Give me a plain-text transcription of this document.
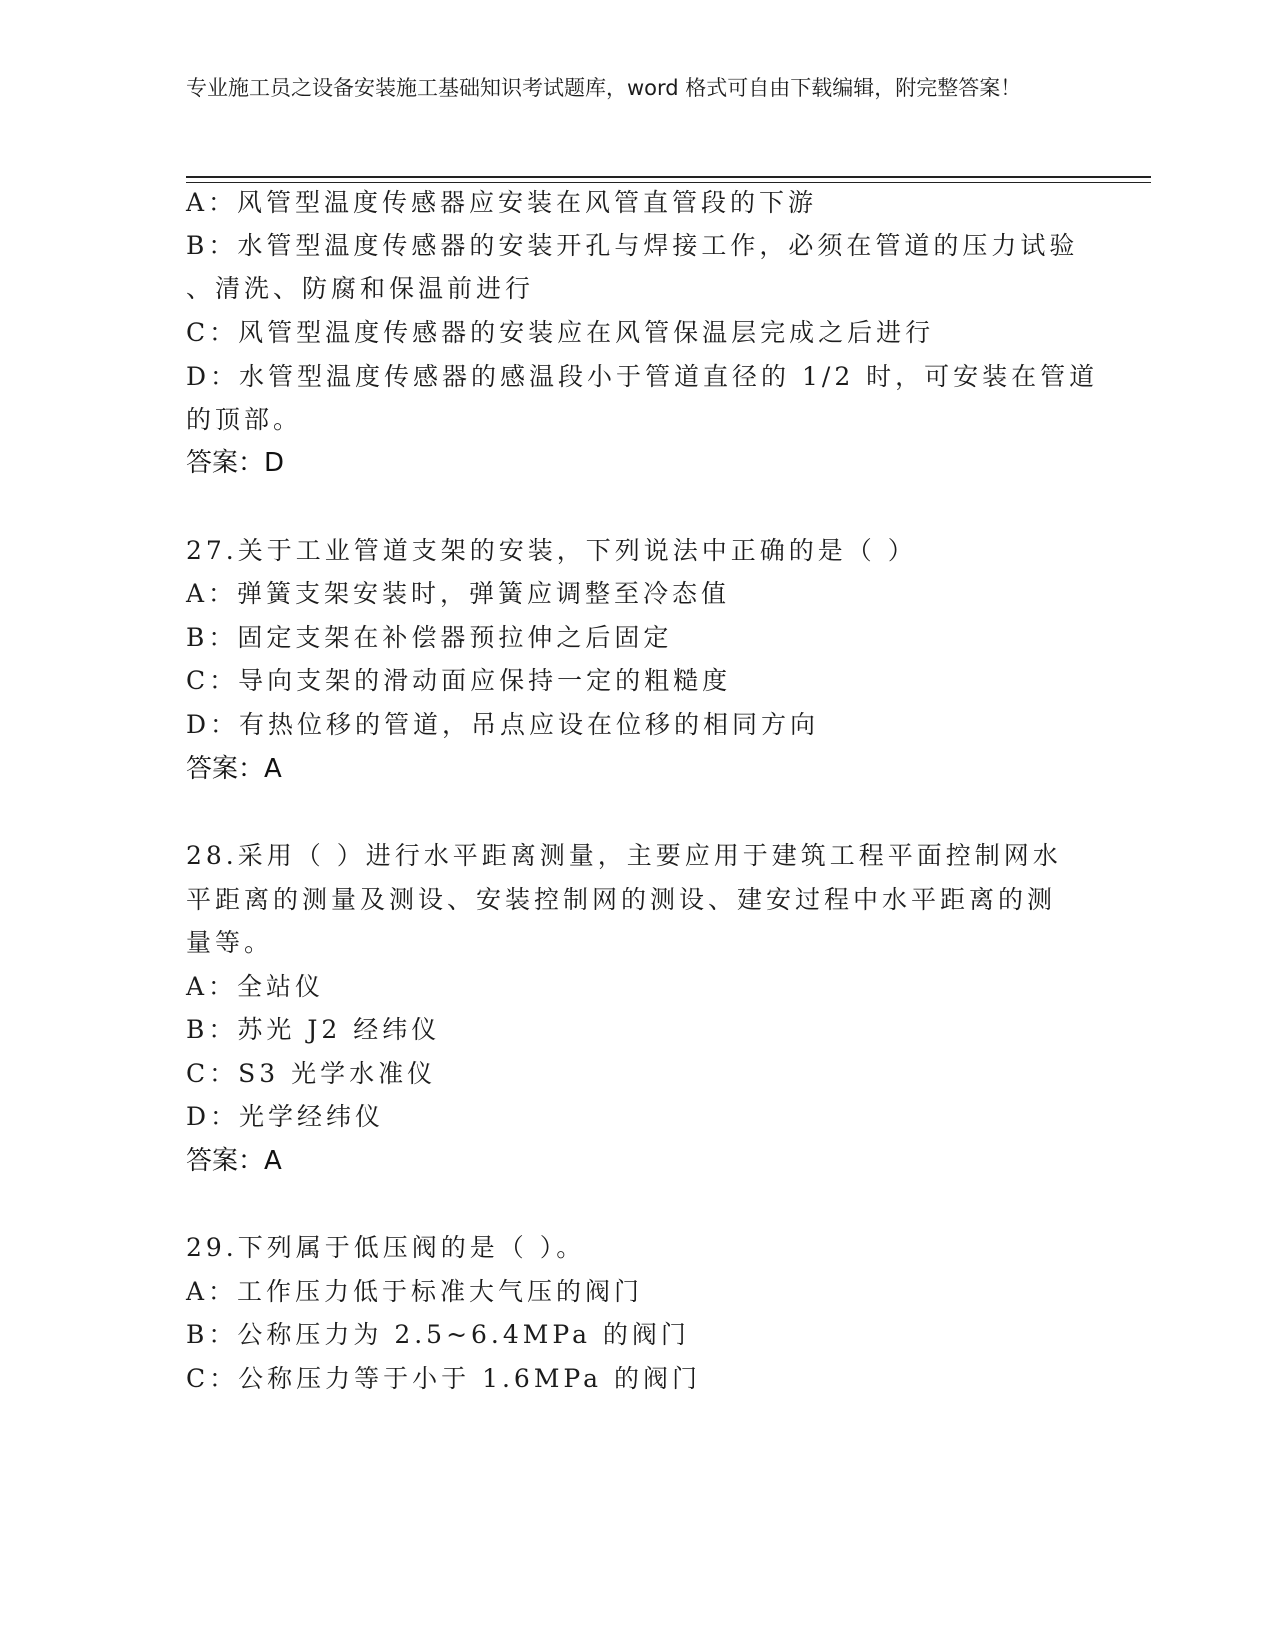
专业施工员之设备安装施工基础知识考试题库，word 格式可自由下载编辑，附完整答案！
A：风管型温度传感器应安装在风管直管段的下游
B：水管型温度传感器的安装开孔与焊接工作，必须在管道的压力试验
、清洗、防腐和保温前进行
C：风管型温度传感器的安装应在风管保温层完成之后进行
D：水管型温度传感器的感温段小于管道直径的 1/2 时，可安装在管道
的顶部。
答案：D
27.关于工业管道支架的安装，下列说法中正确的是（ ）
A：弹簧支架安装时，弹簧应调整至冷态值
B：固定支架在补偿器预拉伸之后固定
C：导向支架的滑动面应保持一定的粗糙度
D：有热位移的管道，吊点应设在位移的相同方向
答案：A
28.采用（ ）进行水平距离测量，主要应用于建筑工程平面控制网水
平距离的测量及测设、安装控制网的测设、建安过程中水平距离的测
量等。
A：全站仪
B：苏光 J2 经纬仪
C：S3 光学水准仪
D：光学经纬仪
答案：A
29.下列属于低压阀的是（ ）。
A：工作压力低于标准大气压的阀门
B：公称压力为 2.5~6.4MPa 的阀门
C：公称压力等于小于 1.6MPa 的阀门
